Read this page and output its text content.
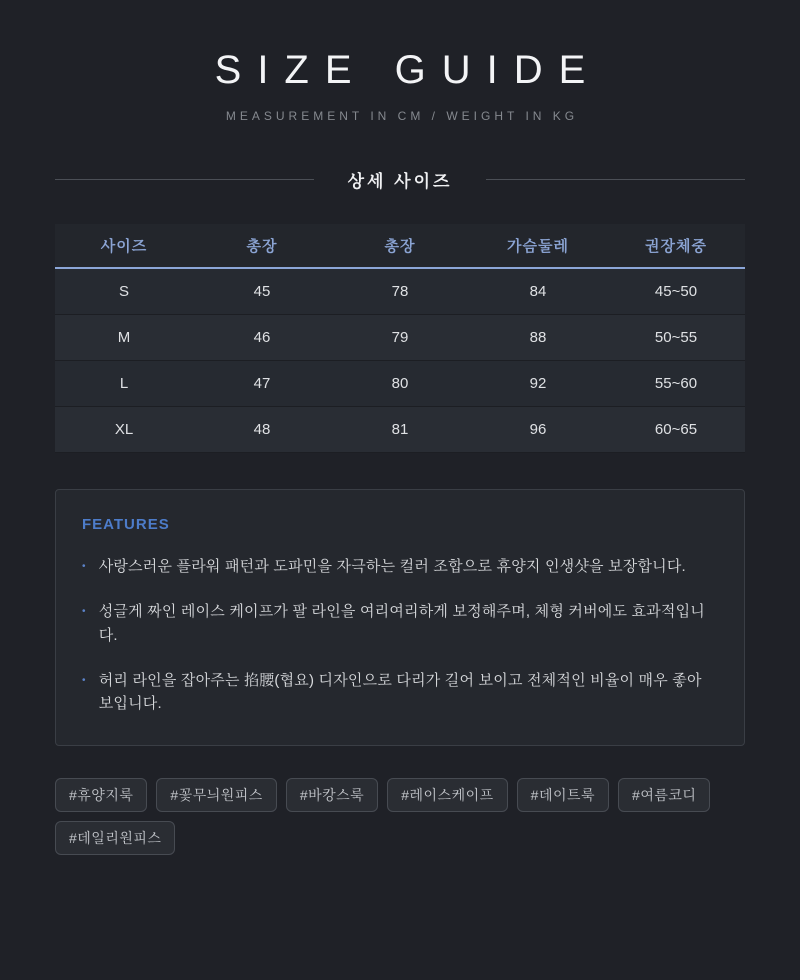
SIZE GUIDE
MEASUREMENT IN CM / WEIGHT IN KG
상세 사이즈
사이즈	총장	총장	가슴둘레	권장체중
S	45	78	84	45~50
M	46	79	88	50~55
L	47	80	92	55~60
XL	48	81	96	60~65
FEATURES
• 사랑스러운 플라워 패턴과 도파민을 자극하는 컬러 조합으로 휴양지 인생샷을 보장합니다.
• 성글게 짜인 레이스 케이프가 팔 라인을 여리여리하게 보정해주며, 체형 커버에도 효과적입니다.
• 허리 라인을 잡아주는 掐腰(협요) 디자인으로 다리가 길어 보이고 전체적인 비율이 매우 좋아 보입니다.
#휴양지룩	#꽃무늬원피스	#바캉스룩	#레이스케이프	#데이트룩	#여름코디
#데일리원피스
